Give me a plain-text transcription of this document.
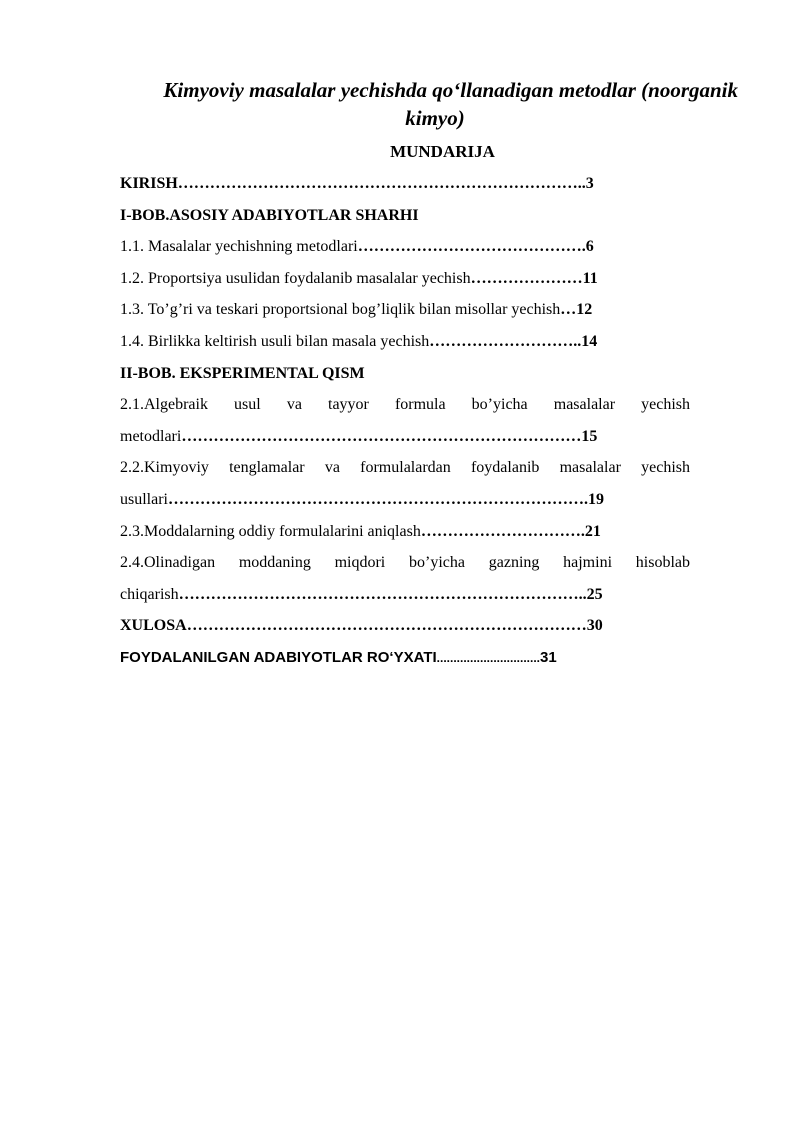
Kimyoviy masalalar yechishda qo‘llanadigan metodlar (noorganik
kimyo)
MUNDARIJA
KIRISH…………………………………………………………………..3
I-BOB.ASOSIY ADABIYOTLAR SHARHI
1.1. Masalalar yechishning metodlari…………………………………….6
1.2. Proportsiya usulidan foydalanib masalalar yechish…………………11
1.3. To’g’ri va teskari proportsional bog’liqlik bilan misollar yechish…12
1.4. Birlikka keltirish usuli bilan masala yechish………………………..14
II-BOB. EKSPERIMENTAL QISM
2.1.Algebraik usul va tayyor formula bo’yicha masalalar yechish
metodlari…………………………………………………………………15
2.2.Kimyoviy tenglamalar va formulalardan foydalanib masalalar yechish
usullari…………………………………………………………………….19
2.3.Moddalarning oddiy formulalarini aniqlash………………………….21
2.4.Olinadigan moddaning miqdori bo’yicha gazning hajmini hisoblab
chiqarish…………………………………………………………………..25
XULOSA…………………………………………………………………30
FOYDALANILGAN ADABIYOTLAR RO‘YXATI...............................31
